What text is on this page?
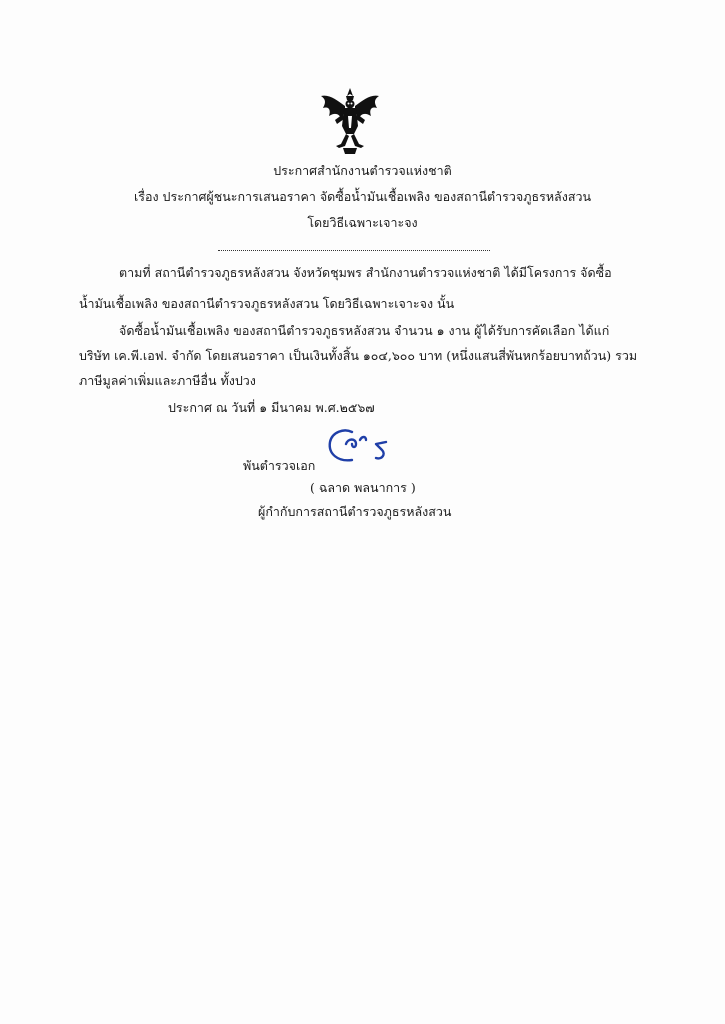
ประกาศสำนักงานตำรวจแห่งชาติ
เรื่อง ประกาศผู้ชนะการเสนอราคา จัดซื้อน้ำมันเชื้อเพลิง ของสถานีตำรวจภูธรหลังสวน
โดยวิธีเฉพาะเจาะจง
ตามที่ สถานีตำรวจภูธรหลังสวน จังหวัดชุมพร สำนักงานตำรวจแห่งชาติ ได้มีโครงการ จัดซื้อ
น้ำมันเชื้อเพลิง ของสถานีตำรวจภูธรหลังสวน โดยวิธีเฉพาะเจาะจง นั้น
จัดซื้อน้ำมันเชื้อเพลิง ของสถานีตำรวจภูธรหลังสวน จำนวน ๑ งาน ผู้ได้รับการคัดเลือก ได้แก่
บริษัท เค.พี.เอฟ. จำกัด โดยเสนอราคา เป็นเงินทั้งสิ้น ๑๐๔,๖๐๐ บาท (หนึ่งแสนสี่พันหกร้อยบาทถ้วน) รวม
ภาษีมูลค่าเพิ่มและภาษีอื่น ทั้งปวง
ประกาศ ณ วันที่ ๑ มีนาคม พ.ศ.๒๕๖๗
พันตำรวจเอก
( ฉลาด พลนาการ )
ผู้กำกับการสถานีตำรวจภูธรหลังสวน
